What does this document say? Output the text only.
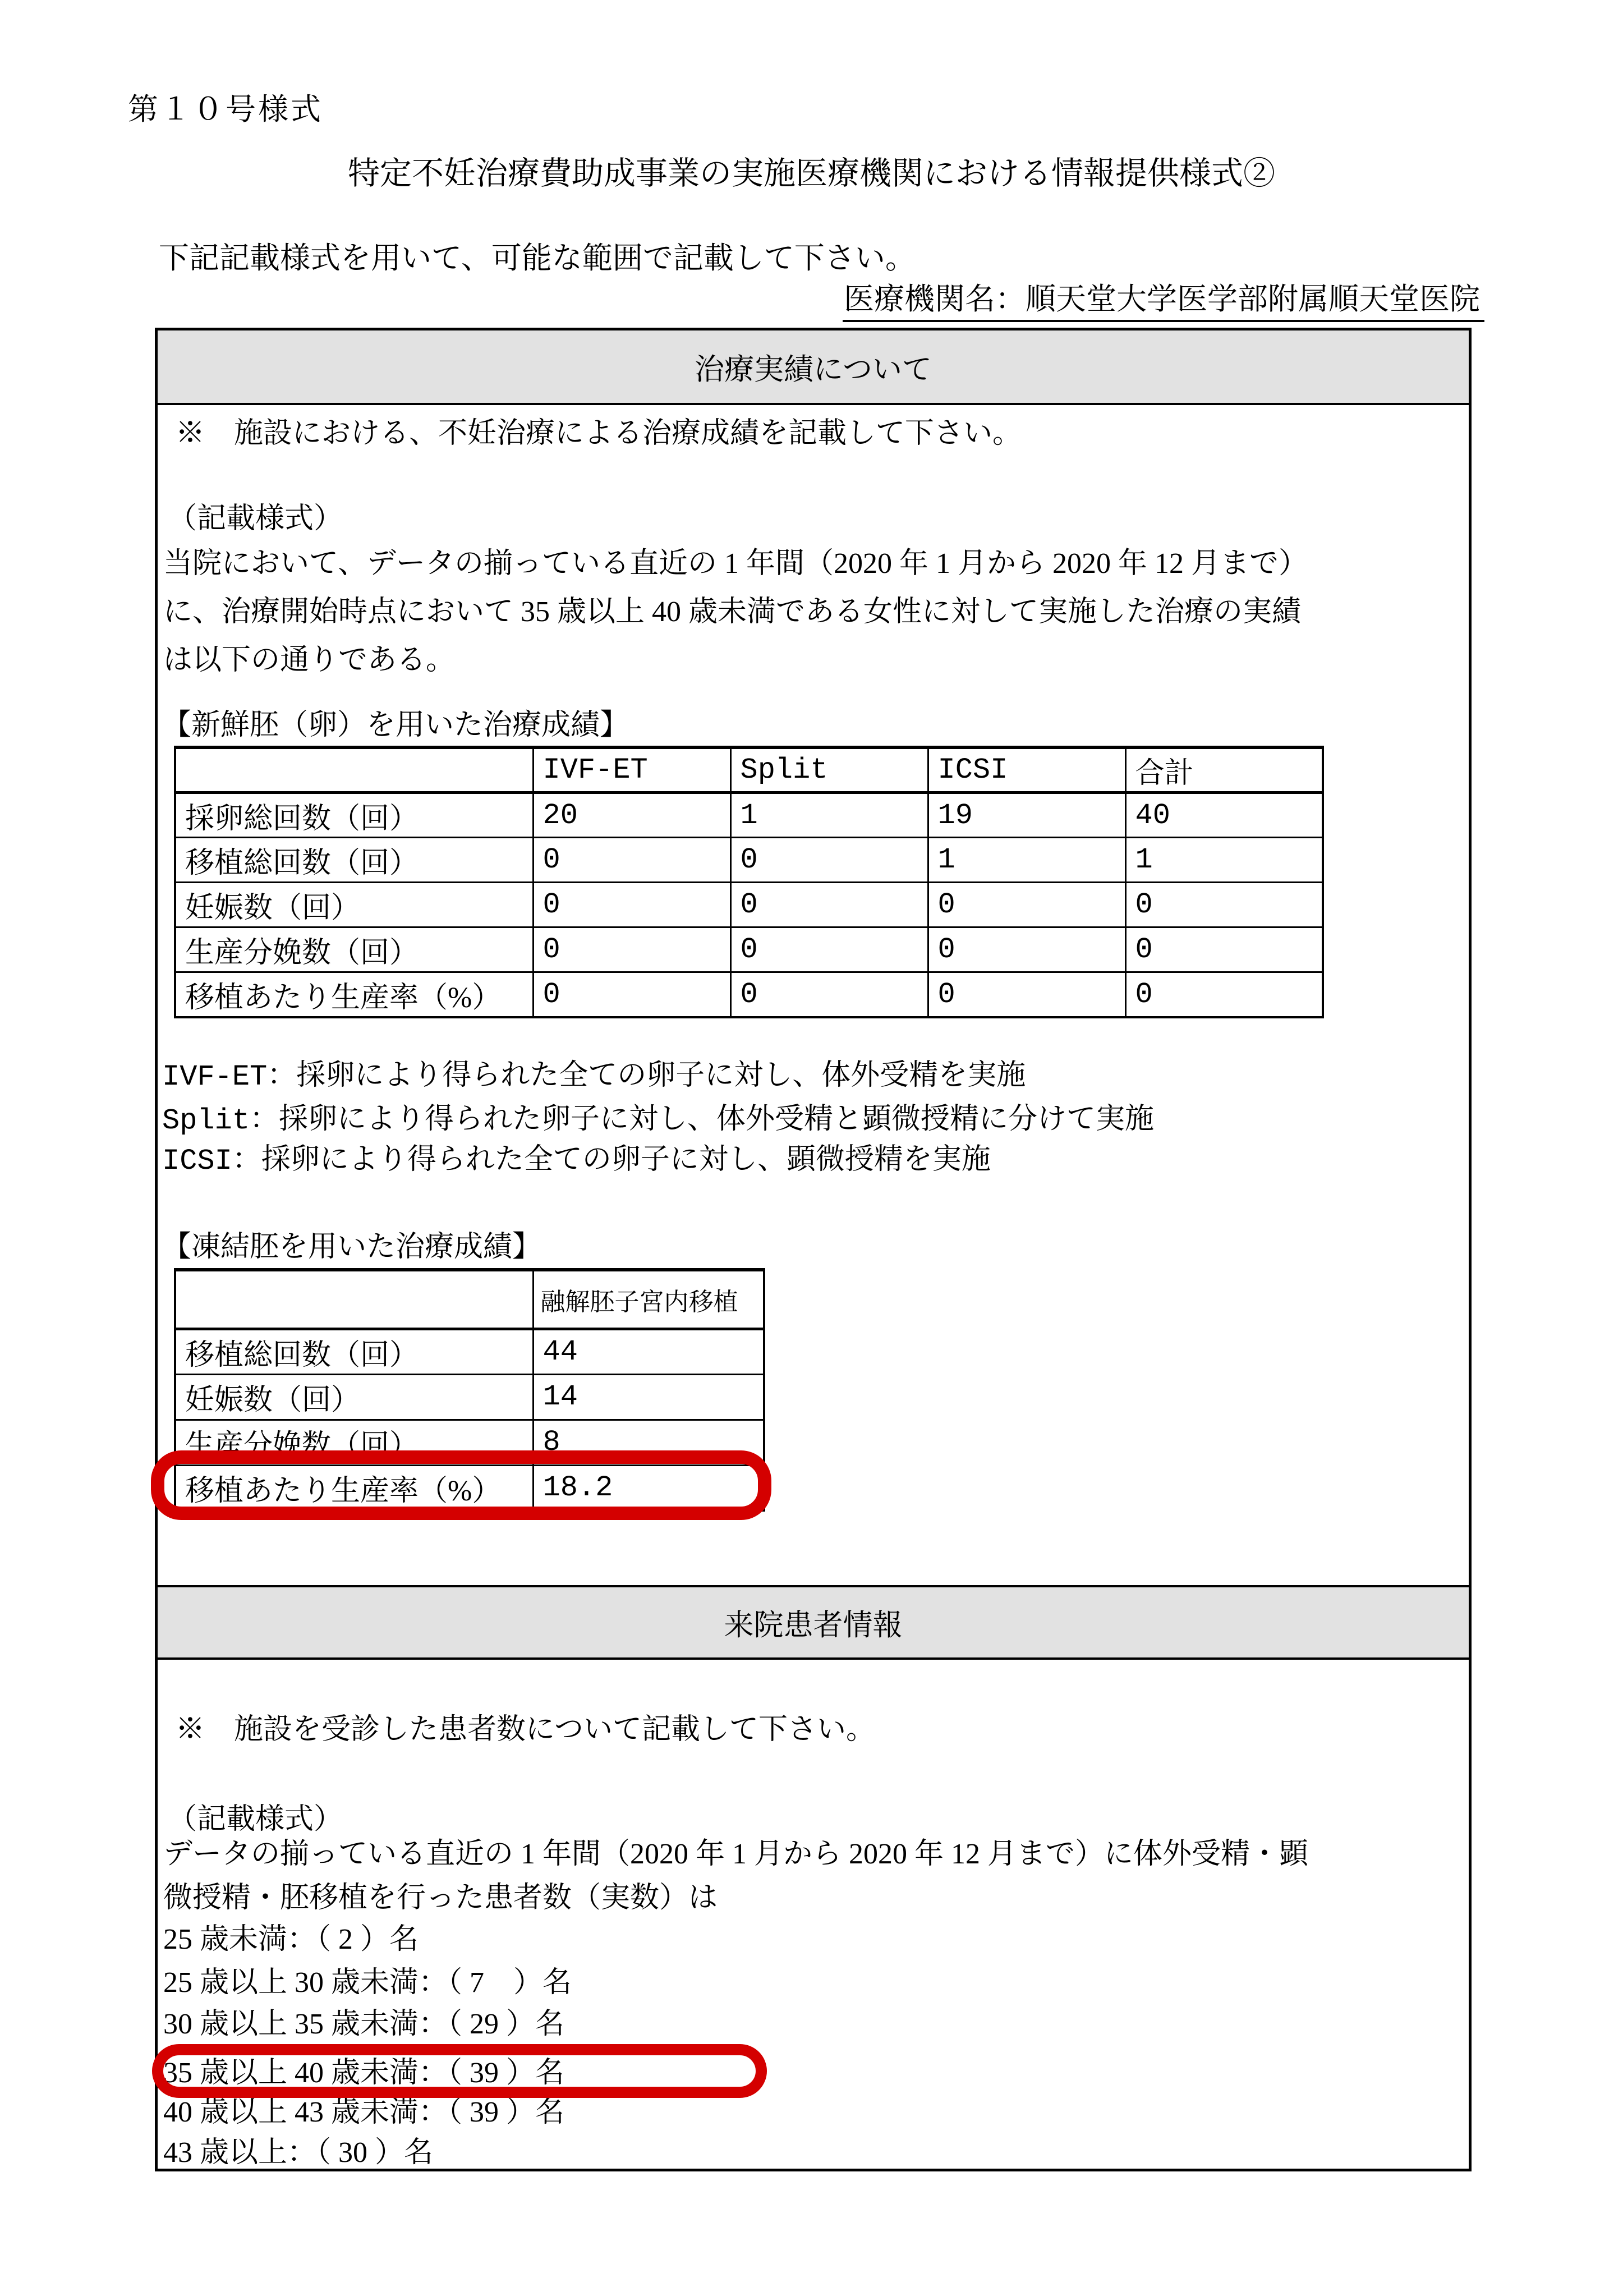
第１０号様式
特定不妊治療費助成事業の実施医療機関における情報提供様式②
下記記載様式を用いて、可能な範囲で記載して下さい。
医療機関名：順天堂大学医学部附属順天堂医院
治療実績について
※　施設における、不妊治療による治療成績を記載して下さい。
（記載様式）
当院において、データの揃っている直近の 1 年間（2020 年 1 月から 2020 年 12 月まで）
に、治療開始時点において 35 歳以上 40 歳未満である女性に対して実施した治療の実績
は以下の通りである。
【新鮮胚（卵）を用いた治療成績】
	IVF-ET	Split	ICSI	合計
採卵総回数（回）	20	1	19	40
移植総回数（回）	0	0	1	1
妊娠数（回）	0	0	0	0
生産分娩数（回）	0	0	0	0
移植あたり生産率（%）	0	0	0	0
IVF-ET：採卵により得られた全ての卵子に対し、体外受精を実施
Split：採卵により得られた卵子に対し、体外受精と顕微授精に分けて実施
ICSI：採卵により得られた全ての卵子に対し、顕微授精を実施
【凍結胚を用いた治療成績】
	融解胚子宮内移植
移植総回数（回）	44
妊娠数（回）	14
生産分娩数（回）	8
移植あたり生産率（%）	18.2
来院患者情報
※　施設を受診した患者数について記載して下さい。
（記載様式）
データの揃っている直近の 1 年間（2020 年 1 月から 2020 年 12 月まで）に体外受精・顕
微授精・胚移植を行った患者数（実数）は
25 歳未満：（ 2 ）名
25 歳以上 30 歳未満：（ 7　）名
30 歳以上 35 歳未満：（ 29 ）名
35 歳以上 40 歳未満：（ 39 ）名
40 歳以上 43 歳未満：（ 39 ）名
43 歳以上：（ 30 ）名
